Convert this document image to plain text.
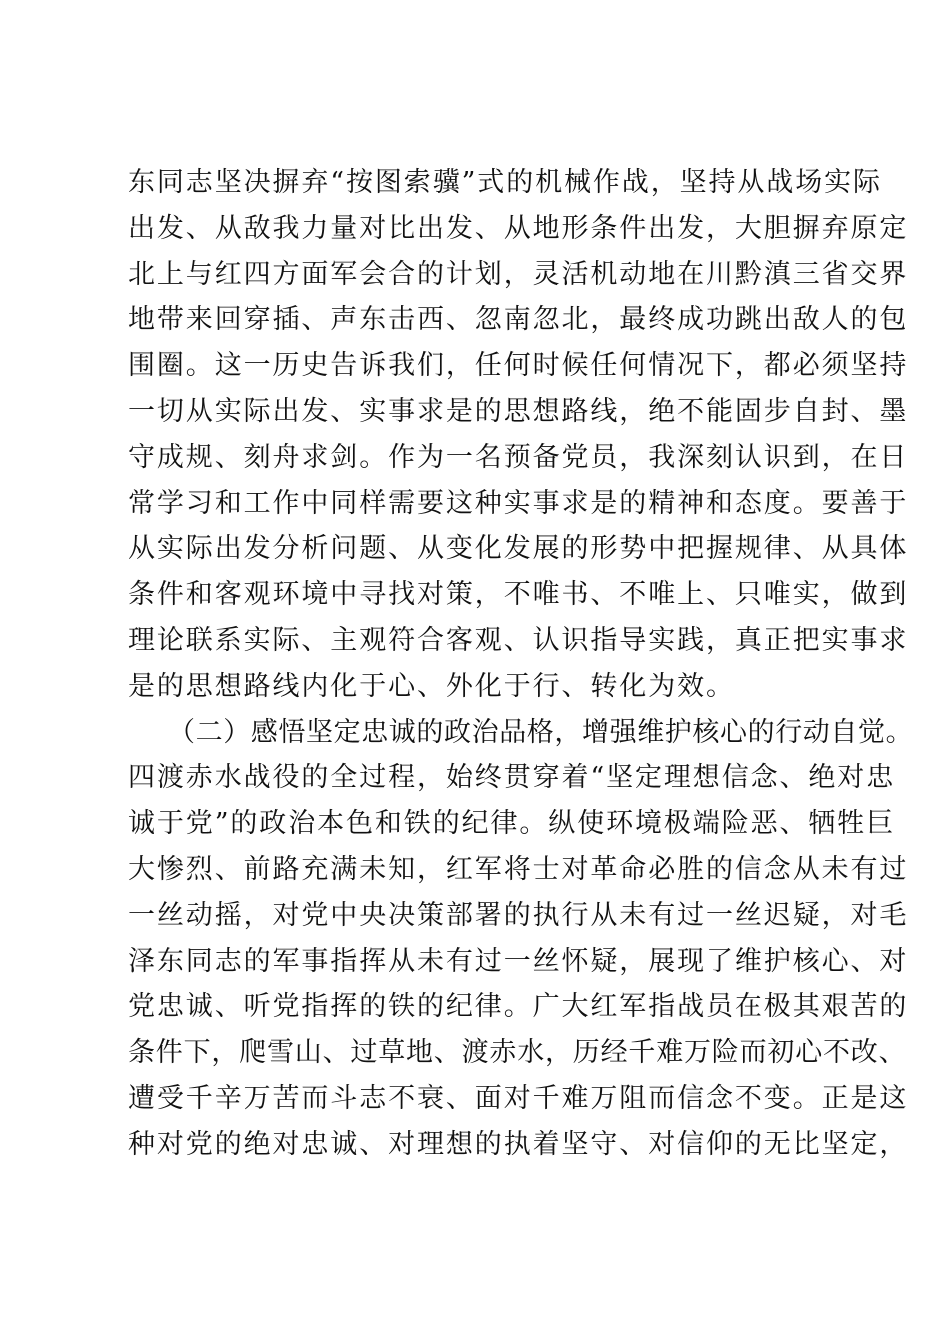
东同志坚决摒弃“按图索骥”式的机械作战，坚持从战场实际
出发、从敌我力量对比出发、从地形条件出发，大胆摒弃原定
北上与红四方面军会合的计划，灵活机动地在川黔滇三省交界
地带来回穿插、声东击西、忽南忽北，最终成功跳出敌人的包
围圈。这一历史告诉我们，任何时候任何情况下，都必须坚持
一切从实际出发、实事求是的思想路线，绝不能固步自封、墨
守成规、刻舟求剑。作为一名预备党员，我深刻认识到，在日
常学习和工作中同样需要这种实事求是的精神和态度。要善于
从实际出发分析问题、从变化发展的形势中把握规律、从具体
条件和客观环境中寻找对策，不唯书、不唯上、只唯实，做到
理论联系实际、主观符合客观、认识指导实践，真正把实事求
是的思想路线内化于心、外化于行、转化为效。
（二）感悟坚定忠诚的政治品格，增强维护核心的行动自觉。
四渡赤水战役的全过程，始终贯穿着“坚定理想信念、绝对忠
诚于党”的政治本色和铁的纪律。纵使环境极端险恶、牺牲巨
大惨烈、前路充满未知，红军将士对革命必胜的信念从未有过
一丝动摇，对党中央决策部署的执行从未有过一丝迟疑，对毛
泽东同志的军事指挥从未有过一丝怀疑，展现了维护核心、对
党忠诚、听党指挥的铁的纪律。广大红军指战员在极其艰苦的
条件下，爬雪山、过草地、渡赤水，历经千难万险而初心不改、
遭受千辛万苦而斗志不衰、面对千难万阻而信念不变。正是这
种对党的绝对忠诚、对理想的执着坚守、对信仰的无比坚定，
